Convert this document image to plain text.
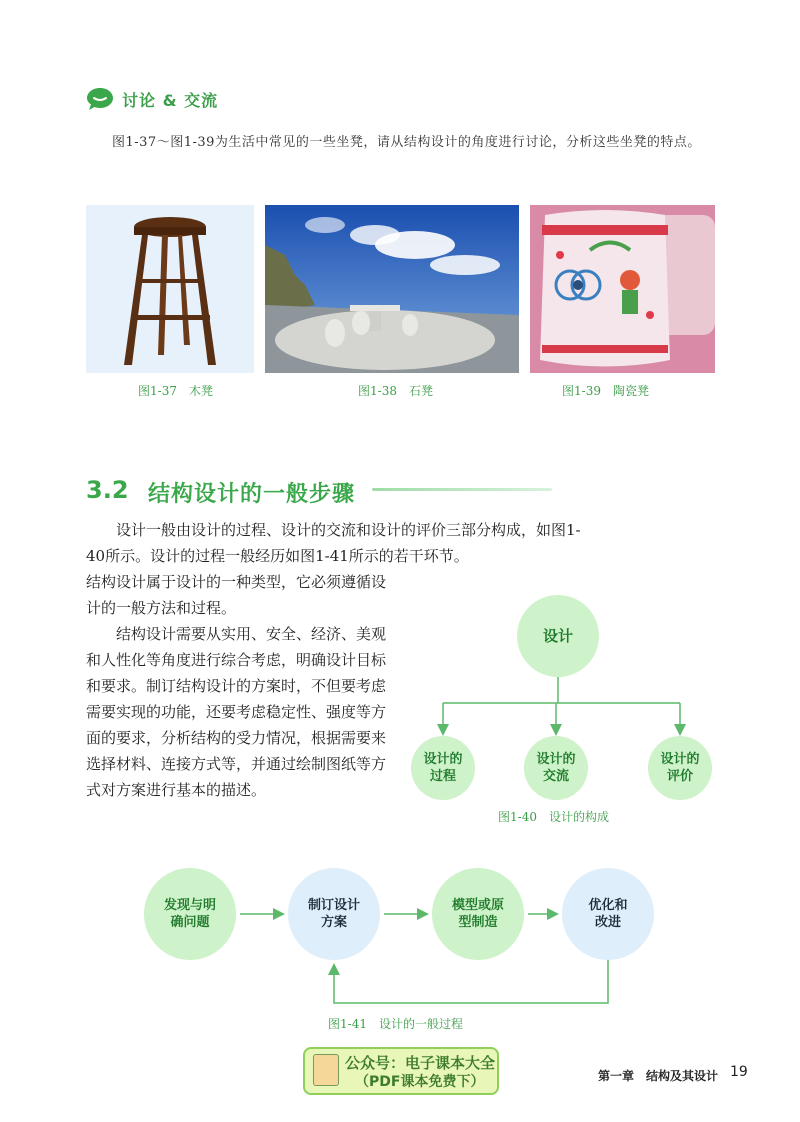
讨论 & 交流
图1-37～图1-39为生活中常见的一些坐凳，请从结构设计的角度进行讨论，分析这些坐凳的特点。
图1-37　木凳	图1-38　石凳	图1-39　陶瓷凳
3.2 结构设计的一般步骤
设计一般由设计的过程、设计的交流和设计的评价三部分构成，如图1-40所示。设计的过程一般经历如图1-41所示的若干环节。
结构设计属于设计的一种类型，它必须遵循设计的一般方法和过程。
结构设计需要从实用、安全、经济、美观和人性化等角度进行综合考虑，明确设计目标和要求。制订结构设计的方案时，不但要考虑需要实现的功能，还要考虑稳定性、强度等方面的要求，分析结构的受力情况，根据需要来选择材料、连接方式等，并通过绘制图纸等方式对方案进行基本的描述。
设计
设计的
过程
设计的
交流
设计的
评价
图1-40　设计的构成
发现与明
确问题
制订设计
方案
模型或原
型制造
优化和
改进
图1-41　设计的一般过程
公众号：电子课本大全
（PDF课本免费下）	第一章　结构及其设计 19
